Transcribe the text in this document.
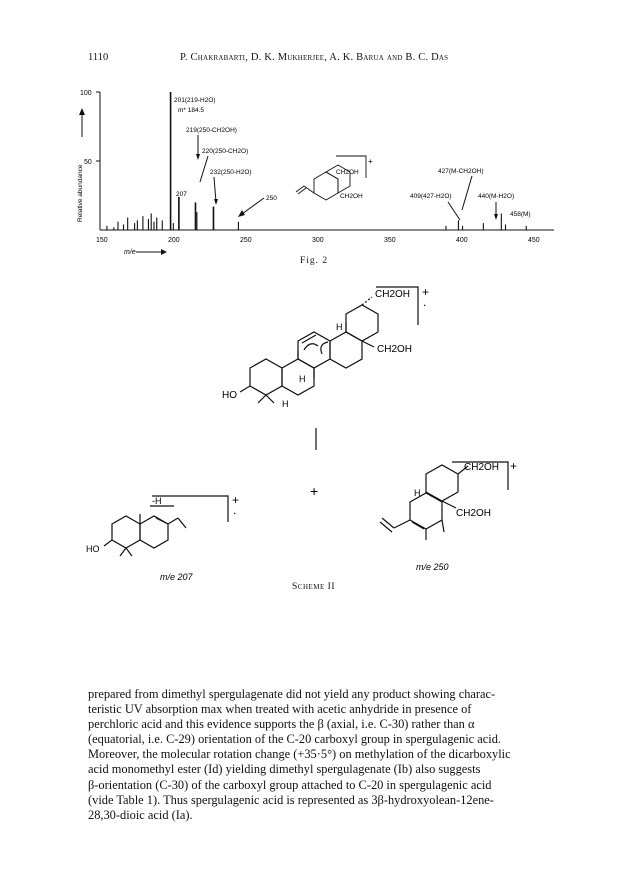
1110	P. Chakrabarti, D. K. Mukherjee, A. K. Barua and B. C. Das
100
50
Relative abundance
150	200	250	300	350	400	450
m/e
201(219-H2O)
m* 184.5
219(250-CH2OH)
220(250-CH2O)
232(250-H2O)
207
250
427(M-CH2OH)
409(427-H2O)	440(M-H2O)
458(M)
CH2OH
CH2OH
+
Fig. 2
CH2OH
CH2OH
H
H
H
HO
+
.
+
-H
HO
+
.
m/e 207
CH2OH
CH2OH
H
+
m/e 250
Scheme II

prepared from dimethyl spergulagenate did not yield any product showing charac-

teristic UV absorption max when treated with acetic anhydride in presence of

perchloric acid and this evidence supports the β (axial, i.e. C-30) rather than α

(equatorial, i.e. C-29) orientation of the C-20 carboxyl group in spergulagenic acid.

Moreover, the molecular rotation change (+35·5°) on methylation of the dicarboxylic

acid monomethyl ester (Id) yielding dimethyl spergulagenate (Ib) also suggests

β-orientation (C-30) of the carboxyl group attached to C-20 in spergulagenic acid

(vide Table 1). Thus spergulagenic acid is represented as 3β-hydroxyolean-12ene-

28,30-dioic acid (Ia).
